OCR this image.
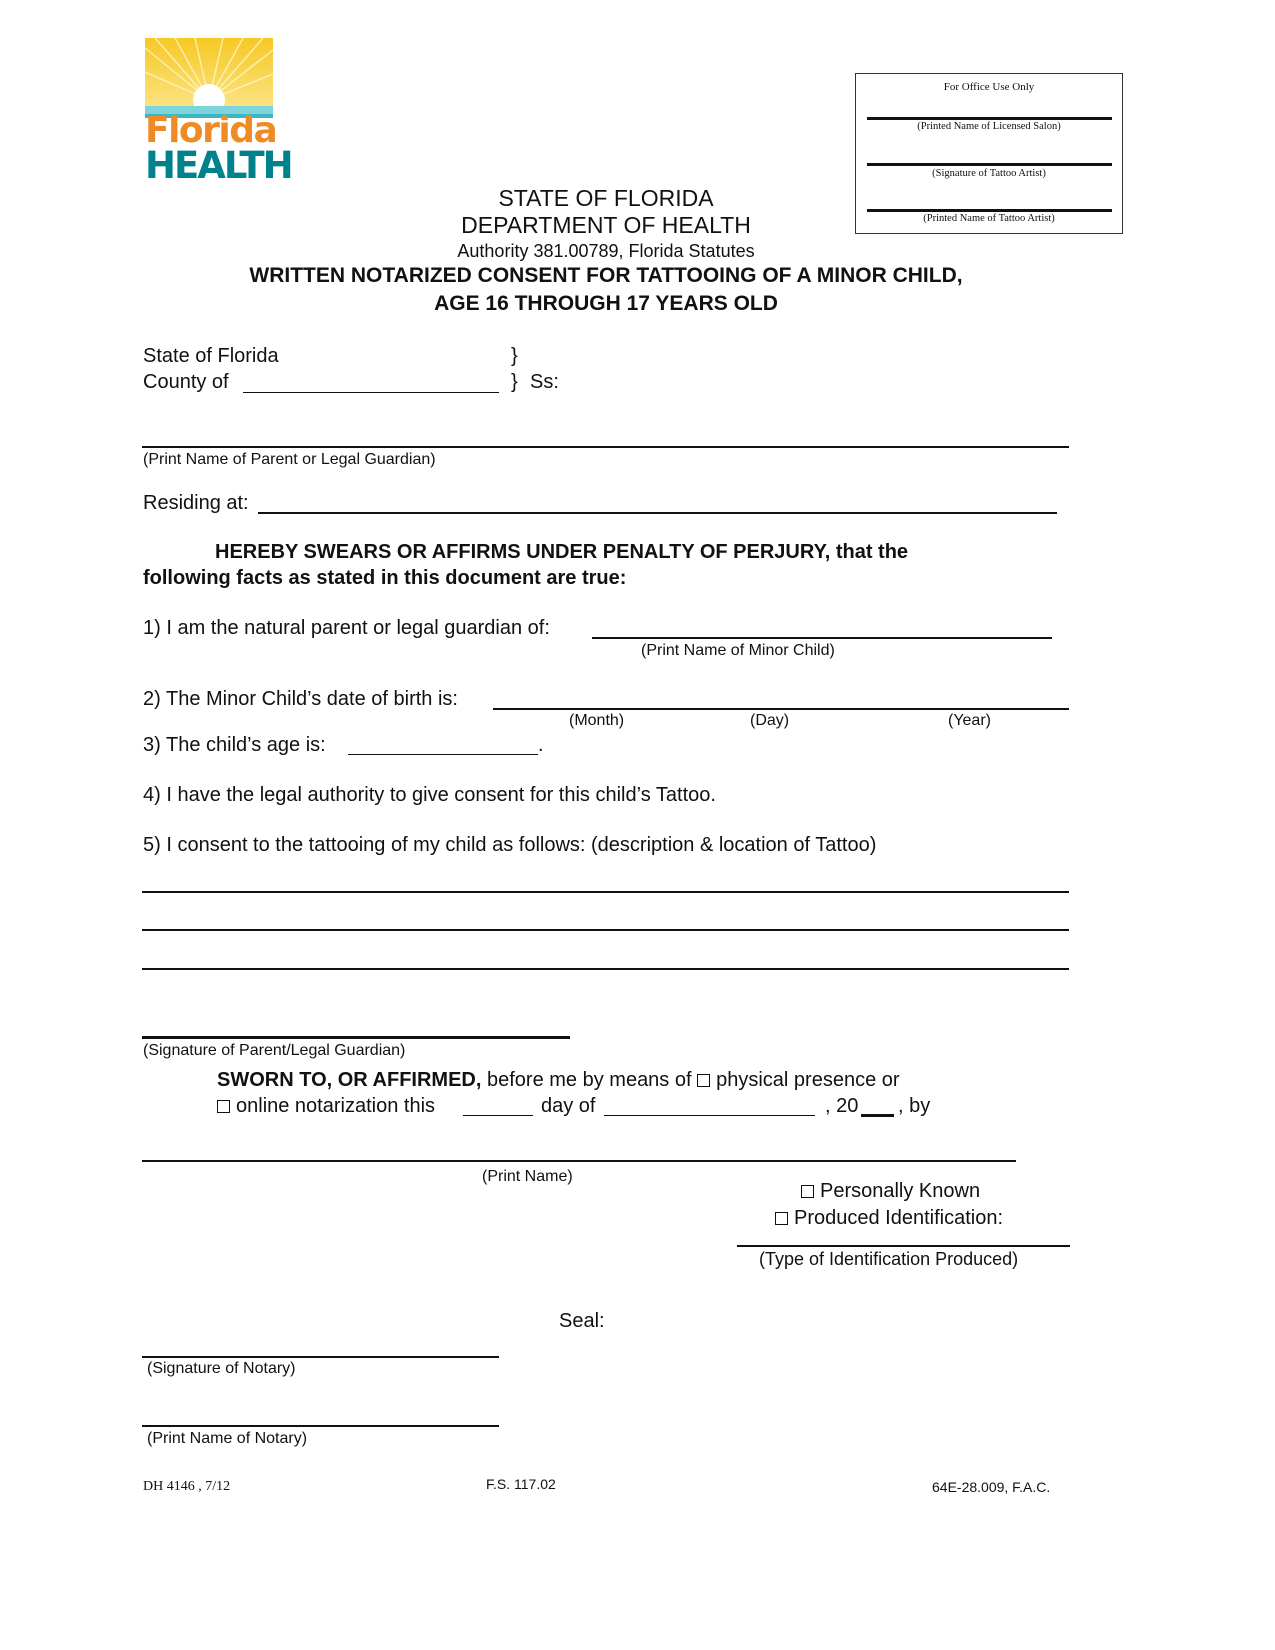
Florida
HEALTH
For Office Use Only
(Printed Name of Licensed Salon)
(Signature of Tattoo Artist)
(Printed Name of Tattoo Artist)
STATE OF FLORIDA
DEPARTMENT OF HEALTH
Authority 381.00789, Florida Statutes
WRITTEN NOTARIZED CONSENT FOR TATTOOING OF A MINOR CHILD,
AGE 16 THROUGH 17 YEARS OLD
State of Florida	}
County of	} Ss:
(Print Name of Parent or Legal Guardian)
Residing at:
HEREBY SWEARS OR AFFIRMS UNDER PENALTY OF PERJURY, that the
following facts as stated in this document are true:
1) I am the natural parent or legal guardian of:
(Print Name of Minor Child)
2) The Minor Child’s date of birth is:
(Month)	(Day)	(Year)
3) The child’s age is:	.
4) I have the legal authority to give consent for this child’s Tattoo.
5) I consent to the tattooing of my child as follows: (description & location of Tattoo)
(Signature of Parent/Legal Guardian)
SWORN TO, OR AFFIRMED, before me by means of physical presence or
online notarization this	day of	, 20 , by
(Print Name)
Personally Known
Produced Identification:
(Type of Identification Produced)
Seal:
(Signature of Notary)
(Print Name of Notary)
DH 4146 , 7/12	F.S. 117.02	64E-28.009, F.A.C.
